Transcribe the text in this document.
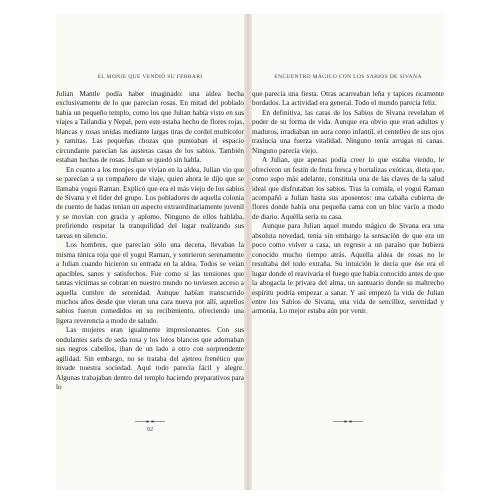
EL MONJE QUE VENDIÓ SU FERRARI

Julian Mantle podía haber imaginado: una aldea hecha exclusivamente de lo que parecían rosas. En mitad del poblado había un pequeño templo, como los que Julian había visto en sus viajes a Tailandia y Nepal, pero este estaba hecho de flores rojas, blancas y rosas unidas mediante largas tiras de cordel multicolor y ramitas. Las pequeñas chozas que punteaban el espacio circundante parecían las austeras casas de los sabios. También estaban hechas de rosas. Julian se quedó sin habla.

En cuanto a los monjes que vivían en la aldea, Julian vio que se parecían a su compañero de viaje, quien ahora le dijo que se llamaba yogui Raman. Explicó que era el más viejo de los sabios de Sivana y el líder del grupo. Los pobladores de aquella colonia de cuento de hadas tenían un aspecto extraordinariamente juvenil y se movían con gracia y aplomo. Ninguno de ellos hablaba, prefiriendo respetar la tranquilidad del lugar realizando sus tareas en silencio.

Los hombres, que parecían sólo una decena, llevaban la misma túnica roja que el yogui Raman, y sonrieron serenamente a Julian cuando hicieron su entrada en la aldea. Todos se veían apacibles, sanos y satisfechos. Fue como si las tensiones que tantas víctimas se cobran en nuestro mundo no tuviesen acceso a aquella cumbre de serenidad. Aunque habían transcurrido muchos años desde que vieran una cara nueva por allí, aquellos sabios fueron comedidos en su recibimiento, ofreciendo una ligera reverencia a modo de saludo.

Las mujeres eran igualmente impresionantes. Con sus ondulantes saris de seda rosa y los lotos blancos que adornaban sus negros cabellos, iban de un lado a otro con sorprendente agilidad. Sin embargo, no se trataba del ajetreo frenético que invade nuestra sociedad. Aquí todo parecía fácil y alegre. Algunas trabajaban dentro del templo haciendo preparativos para lo

92
ENCUENTRO MÁGICO CON LOS SABIOS DE SIVANA

que parecía una fiesta. Otras acarreaban leña y tapices ricamente bordados. La actividad era general. Todo el mundo parecía feliz.

En definitiva, las caras de los Sabios de Sivana revelaban el poder de su forma de vida. Aunque era obvio que eran adultos y maduros, irradiaban un aura como infantil, el centelleo de sus ojos traslucía una fuerza vitalidad. Ninguno tenía arrugas ni canas. Ninguno parecía viejo.

A Julian, que apenas podía creer lo que estaba viendo, le ofrecieron un festín de fruta fresca y hortalizas exóticas, dieta que, como supo más adelante, constituía una de las claves de la salud ideal que disfrutaban los sabios. Tras la comida, el yogui Raman acompañó a Julian hasta sus aposentos: una cabaña cubierta de flores donde había una pequeña cama con un bloc vacío a modo de diario. Aquélla sería su casa.

Aunque para Julian aquel mundo mágico de Sivana era una absoluta novedad, tenía sin embargo la sensación de que era un poco como volver a casa, un regreso a un paraíso que hubiera conocido mucho tiempo atrás. Aquella aldea de rosas no le resultaba del todo extraña. Su intuición le decía que ése era el lugar donde el reavivaría el fuego que había conocido antes de que la abogacía le privara del alma, un santuario donde su maltrecho espíritu podría empezar a sanar. Y así empezó la vida de Julian entre los Sabios de Sivana, una vida de sencillez, serenidad y armonía. Lo mejor estaba aún por venir.
